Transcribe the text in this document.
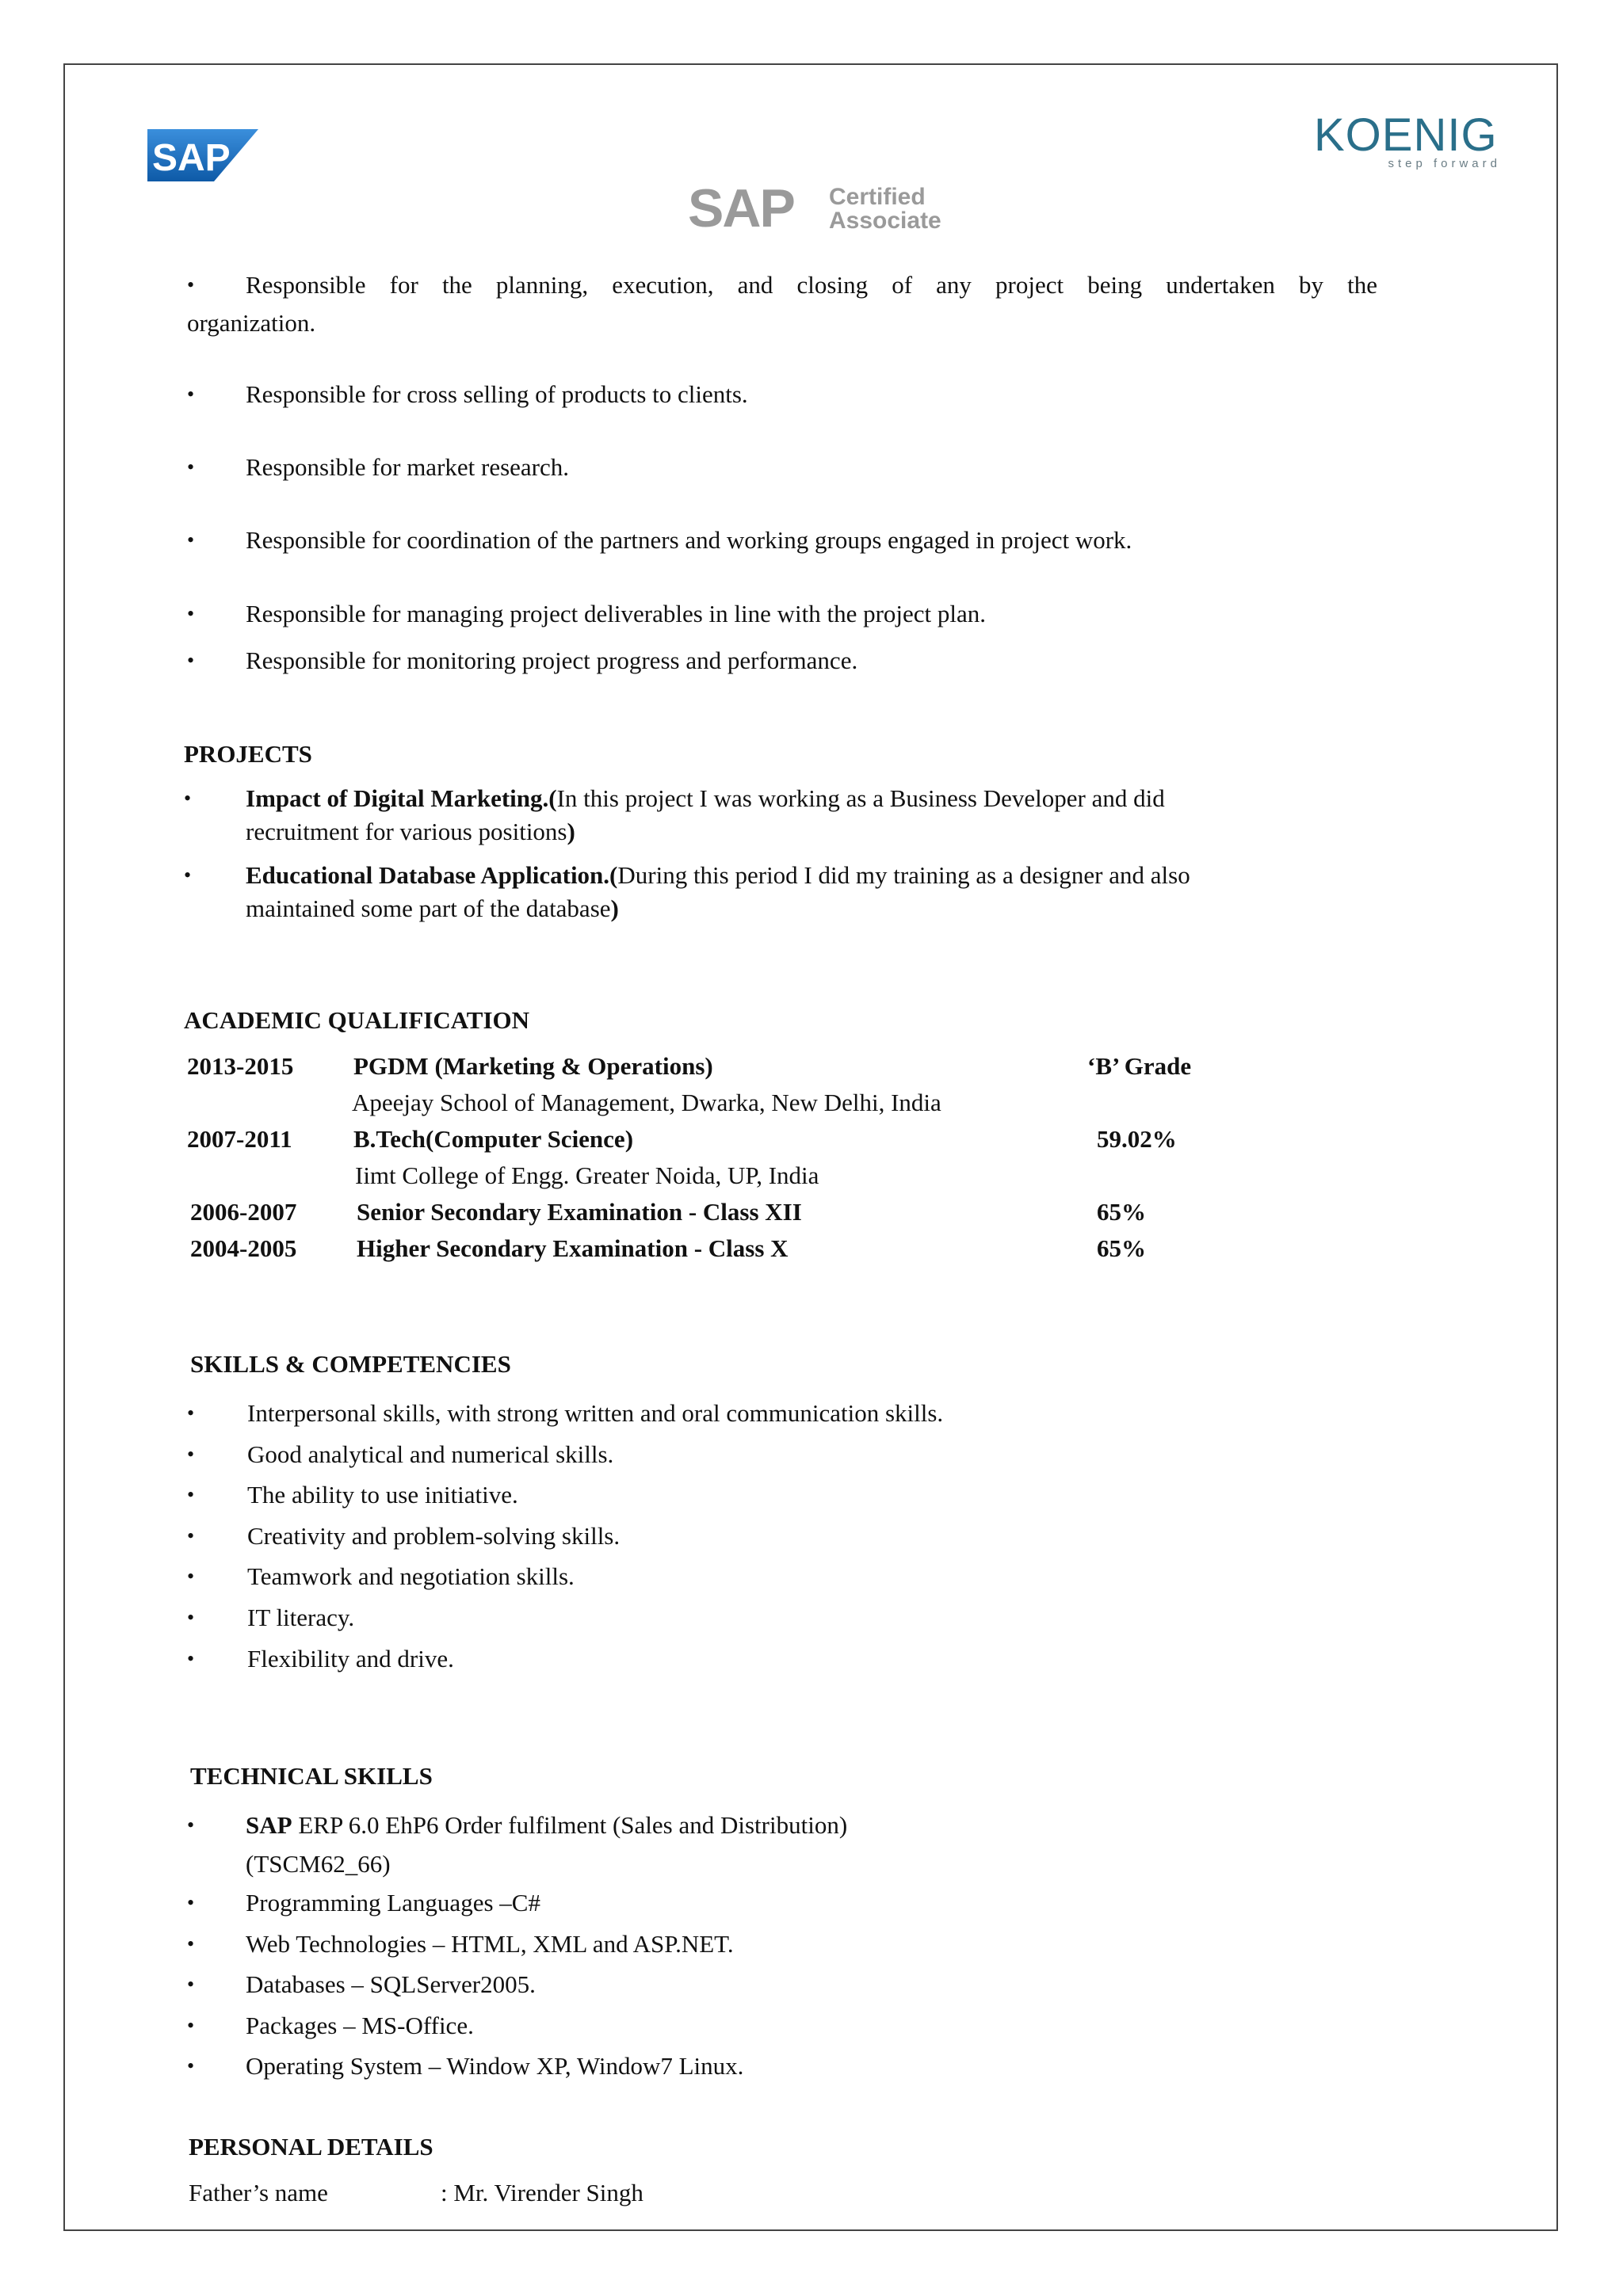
SAP	KOENIG
step forward
SAP Certified
Associate
• Responsible for the planning, execution, and closing of any project being undertaken by the
organization.
• Responsible for cross selling of products to clients.
• Responsible for market research.
• Responsible for coordination of the partners and working groups engaged in project work.
• Responsible for managing project deliverables in line with the project plan.
• Responsible for monitoring project progress and performance.
PROJECTS
• Impact of Digital Marketing.(In this project I was working as a Business Developer and did
recruitment for various positions)
• Educational Database Application.(During this period I did my training as a designer and also
maintained some part of the database)
ACADEMIC QUALIFICATION
2013-2015 PGDM (Marketing & Operations)	‘B’ Grade
Apeejay School of Management, Dwarka, New Delhi, India
2007-2011 B.Tech(Computer Science)	59.02%
Iimt College of Engg. Greater Noida, UP, India
2006-2007 Senior Secondary Examination - Class XII	65%
2004-2005 Higher Secondary Examination - Class X	65%
SKILLS & COMPETENCIES
• Interpersonal skills, with strong written and oral communication skills.
• Good analytical and numerical skills.
• The ability to use initiative.
• Creativity and problem-solving skills.
• Teamwork and negotiation skills.
• IT literacy.
• Flexibility and drive.
TECHNICAL SKILLS
• SAP ERP 6.0 EhP6 Order fulfilment (Sales and Distribution)
(TSCM62_66)
• Programming Languages –C#
• Web Technologies – HTML, XML and ASP.NET.
• Databases – SQLServer2005.
• Packages – MS-Office.
• Operating System – Window XP, Window7 Linux.
PERSONAL DETAILS
Father’s name	: Mr. Virender Singh
